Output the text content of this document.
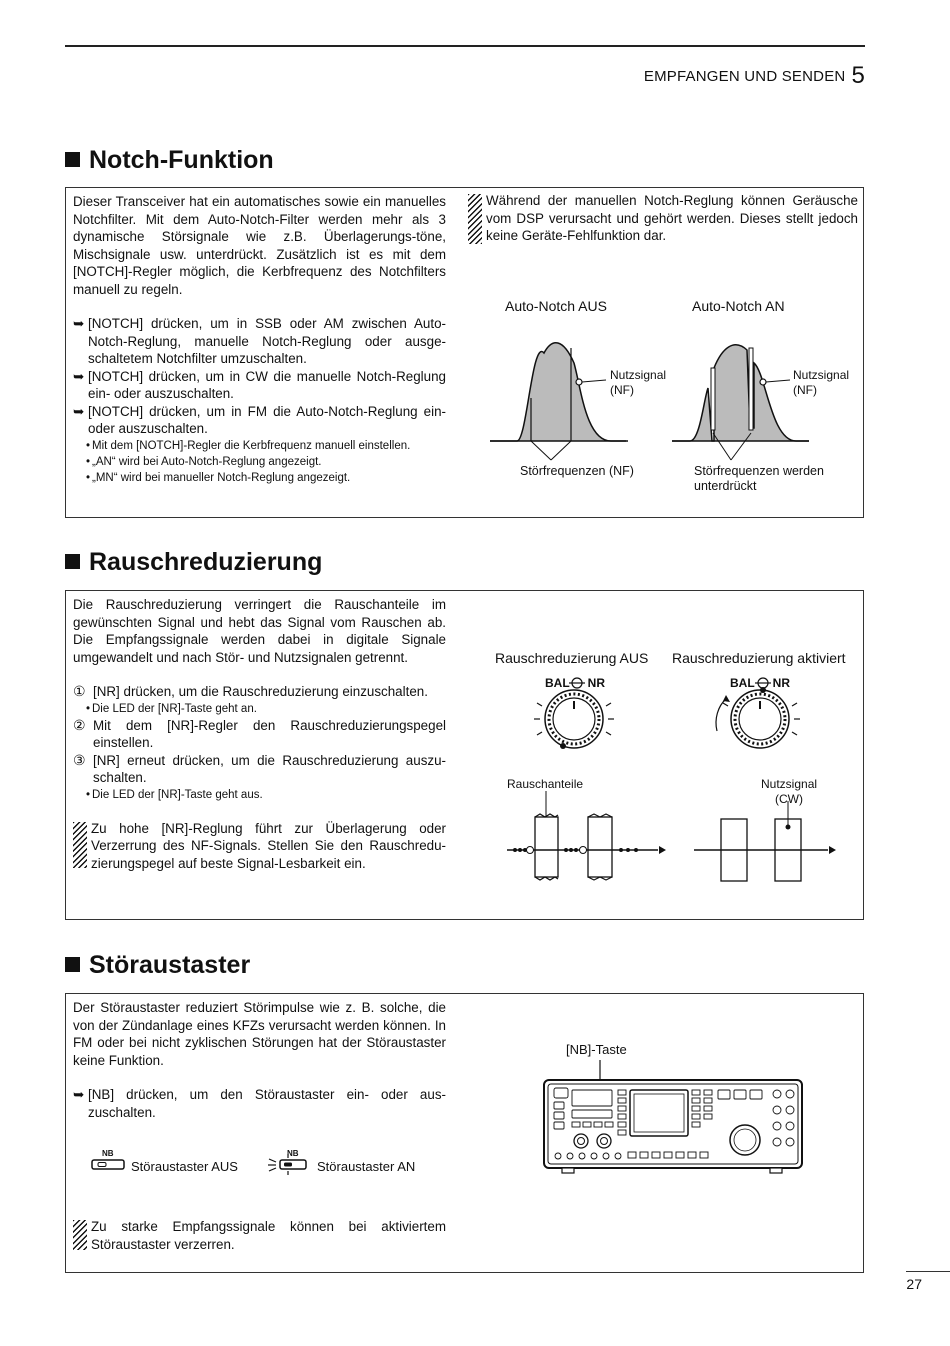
EMPFANGEN UND SENDEN 5
Notch-Funktion

Dieser Transceiver hat ein automatisches sowie ein manuelles Notchfilter. Mit dem Auto-Notch-Filter werden mehr als 3 dynamische Störsignale wie z.B. Überlagerungs-töne, Mischsignale usw. unterdrückt. Zusätzlich ist es mit dem [NOTCH]-Regler möglich, die Kerbfrequenz des Notchfilters manuell zu regeln.

➥ [NOTCH] drücken, um in SSB oder AM zwischen Auto-Notch-Reglung, manuelle Notch-Reglung oder ausge-schaltetem Notchfilter umzuschalten.
➥ [NOTCH] drücken, um in CW die manuelle Notch-Reglung ein- oder auszuschalten.
➥ [NOTCH] drücken, um in FM die Auto-Notch-Reglung ein- oder auszuschalten.
• Mit dem [NOTCH]-Regler die Kerbfrequenz manuell einstellen.
• „AN“ wird bei Auto-Notch-Reglung angezeigt.
• „MN“ wird bei manueller Notch-Reglung angezeigt.
Während der manuellen Notch-Reglung können Geräusche vom DSP verursacht und gehört werden. Dieses stellt jedoch keine Geräte-Fehlfunktion dar.
Auto-Notch AUS	Auto-Notch AN
Nutzsignal
(NF)
Nutzsignal
(NF)
Störfrequenzen (NF)	Störfrequenzen werden
unterdrückt
Rauschreduzierung

Die Rauschreduzierung verringert die Rauschanteile im gewünschten Signal und hebt das Signal vom Rauschen ab. Die Empfangssignale werden dabei in digitale Signale umgewandelt und nach Stör- und Nutzsignalen getrennt.

① [NR] drücken, um die Rauschreduzierung einzuschalten.
• Die LED der [NR]-Taste geht an.
② Mit dem [NR]-Regler den Rauschreduzierungspegel einstellen.
③ [NR] erneut drücken, um die Rauschreduzierung auszu-schalten.
• Die LED der [NR]-Taste geht aus.
Zu hohe [NR]-Reglung führt zur Überlagerung oder Verzerrung des NF-Signals. Stellen Sie den Rauschredu-zierungspegel auf beste Signal-Lesbarkeit ein.
Rauschreduzierung AUS Rauschreduzierung aktiviert
BAL NR	BAL NR
Rauschanteile	Nutzsignal
(CW)
Störaustaster

Der Störaustaster reduziert Störimpulse wie z. B. solche, die von der Zündanlage eines KFZs verursacht werden können. In FM oder bei nicht zyklischen Störungen hat der Störaustaster keine Funktion.

➥ [NB] drücken, um den Störaustaster ein- oder aus-zuschalten.
NB
Störaustaster AUS
NB
Störaustaster AN
Zu starke Empfangssignale können bei aktiviertem Störaustaster verzerren.
[NB]-Taste
27
